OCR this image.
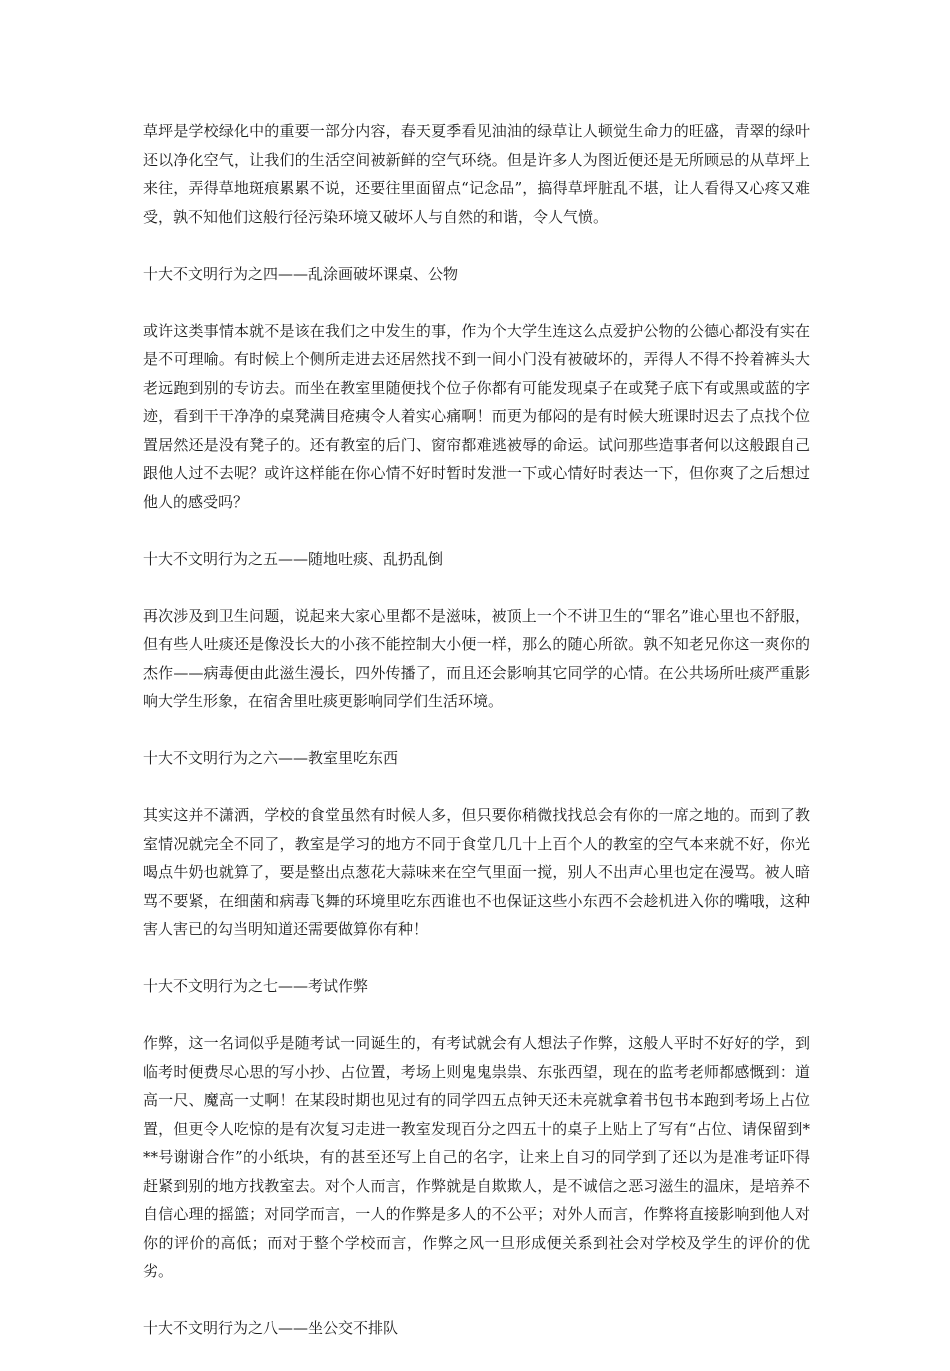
草坪是学校绿化中的重要一部分内容，春天夏季看见油油的绿草让人顿觉生命力的旺盛，青翠的绿叶还以净化空气，让我们的生活空间被新鲜的空气环绕。但是许多人为图近便还是无所顾忌的从草坪上来往，弄得草地斑痕累累不说，还要往里面留点“记念品”，搞得草坪脏乱不堪，让人看得又心疼又难受，孰不知他们这般行径污染环境又破坏人与自然的和谐，令人气愤。

十大不文明行为之四——乱涂画破坏课桌、公物

或许这类事情本就不是该在我们之中发生的事，作为个大学生连这么点爱护公物的公德心都没有实在是不可理喻。有时候上个侧所走进去还居然找不到一间小门没有被破坏的，弄得人不得不拎着裤头大老远跑到别的专访去。而坐在教室里随便找个位子你都有可能发现桌子在或凳子底下有或黑或蓝的字迹，看到干干净净的桌凳满目疮痍令人着实心痛啊！而更为郁闷的是有时候大班课时迟去了点找个位置居然还是没有凳子的。还有教室的后门、窗帘都难逃被辱的命运。试问那些造事者何以这般跟自己跟他人过不去呢？或许这样能在你心情不好时暂时发泄一下或心情好时表达一下，但你爽了之后想过他人的感受吗？

十大不文明行为之五——随地吐痰、乱扔乱倒

再次涉及到卫生问题，说起来大家心里都不是滋味，被顶上一个不讲卫生的“罪名”谁心里也不舒服，但有些人吐痰还是像没长大的小孩不能控制大小便一样，那么的随心所欲。孰不知老兄你这一爽你的杰作——病毒便由此滋生漫长，四外传播了，而且还会影响其它同学的心情。在公共场所吐痰严重影响大学生形象，在宿舍里吐痰更影响同学们生活环境。

十大不文明行为之六——教室里吃东西

其实这并不潇洒，学校的食堂虽然有时候人多，但只要你稍微找找总会有你的一席之地的。而到了教室情况就完全不同了，教室是学习的地方不同于食堂几几十上百个人的教室的空气本来就不好，你光喝点牛奶也就算了，要是整出点葱花大蒜味来在空气里面一搅，别人不出声心里也定在漫骂。被人暗骂不要紧，在细菌和病毒飞舞的环境里吃东西谁也不也保证这些小东西不会趁机进入你的嘴哦，这种害人害已的勾当明知道还需要做算你有种！

十大不文明行为之七——考试作弊

作弊，这一名词似乎是随考试一同诞生的，有考试就会有人想法子作弊，这般人平时不好好的学，到临考时便费尽心思的写小抄、占位置，考场上则鬼鬼祟祟、东张西望，现在的监考老师都感慨到：道高一尺、魔高一丈啊！在某段时期也见过有的同学四五点钟天还未亮就拿着书包书本跑到考场上占位置，但更令人吃惊的是有次复习走进一教室发现百分之四五十的桌子上贴上了写有“占位、请保留到***号谢谢合作”的小纸块，有的甚至还写上自己的名字，让来上自习的同学到了还以为是准考证吓得赶紧到别的地方找教室去。对个人而言，作弊就是自欺欺人，是不诚信之恶习滋生的温床，是培养不自信心理的摇篮；对同学而言，一人的作弊是多人的不公平；对外人而言，作弊将直接影响到他人对你的评价的高低；而对于整个学校而言，作弊之风一旦形成便关系到社会对学校及学生的评价的优劣。

十大不文明行为之八——坐公交不排队
